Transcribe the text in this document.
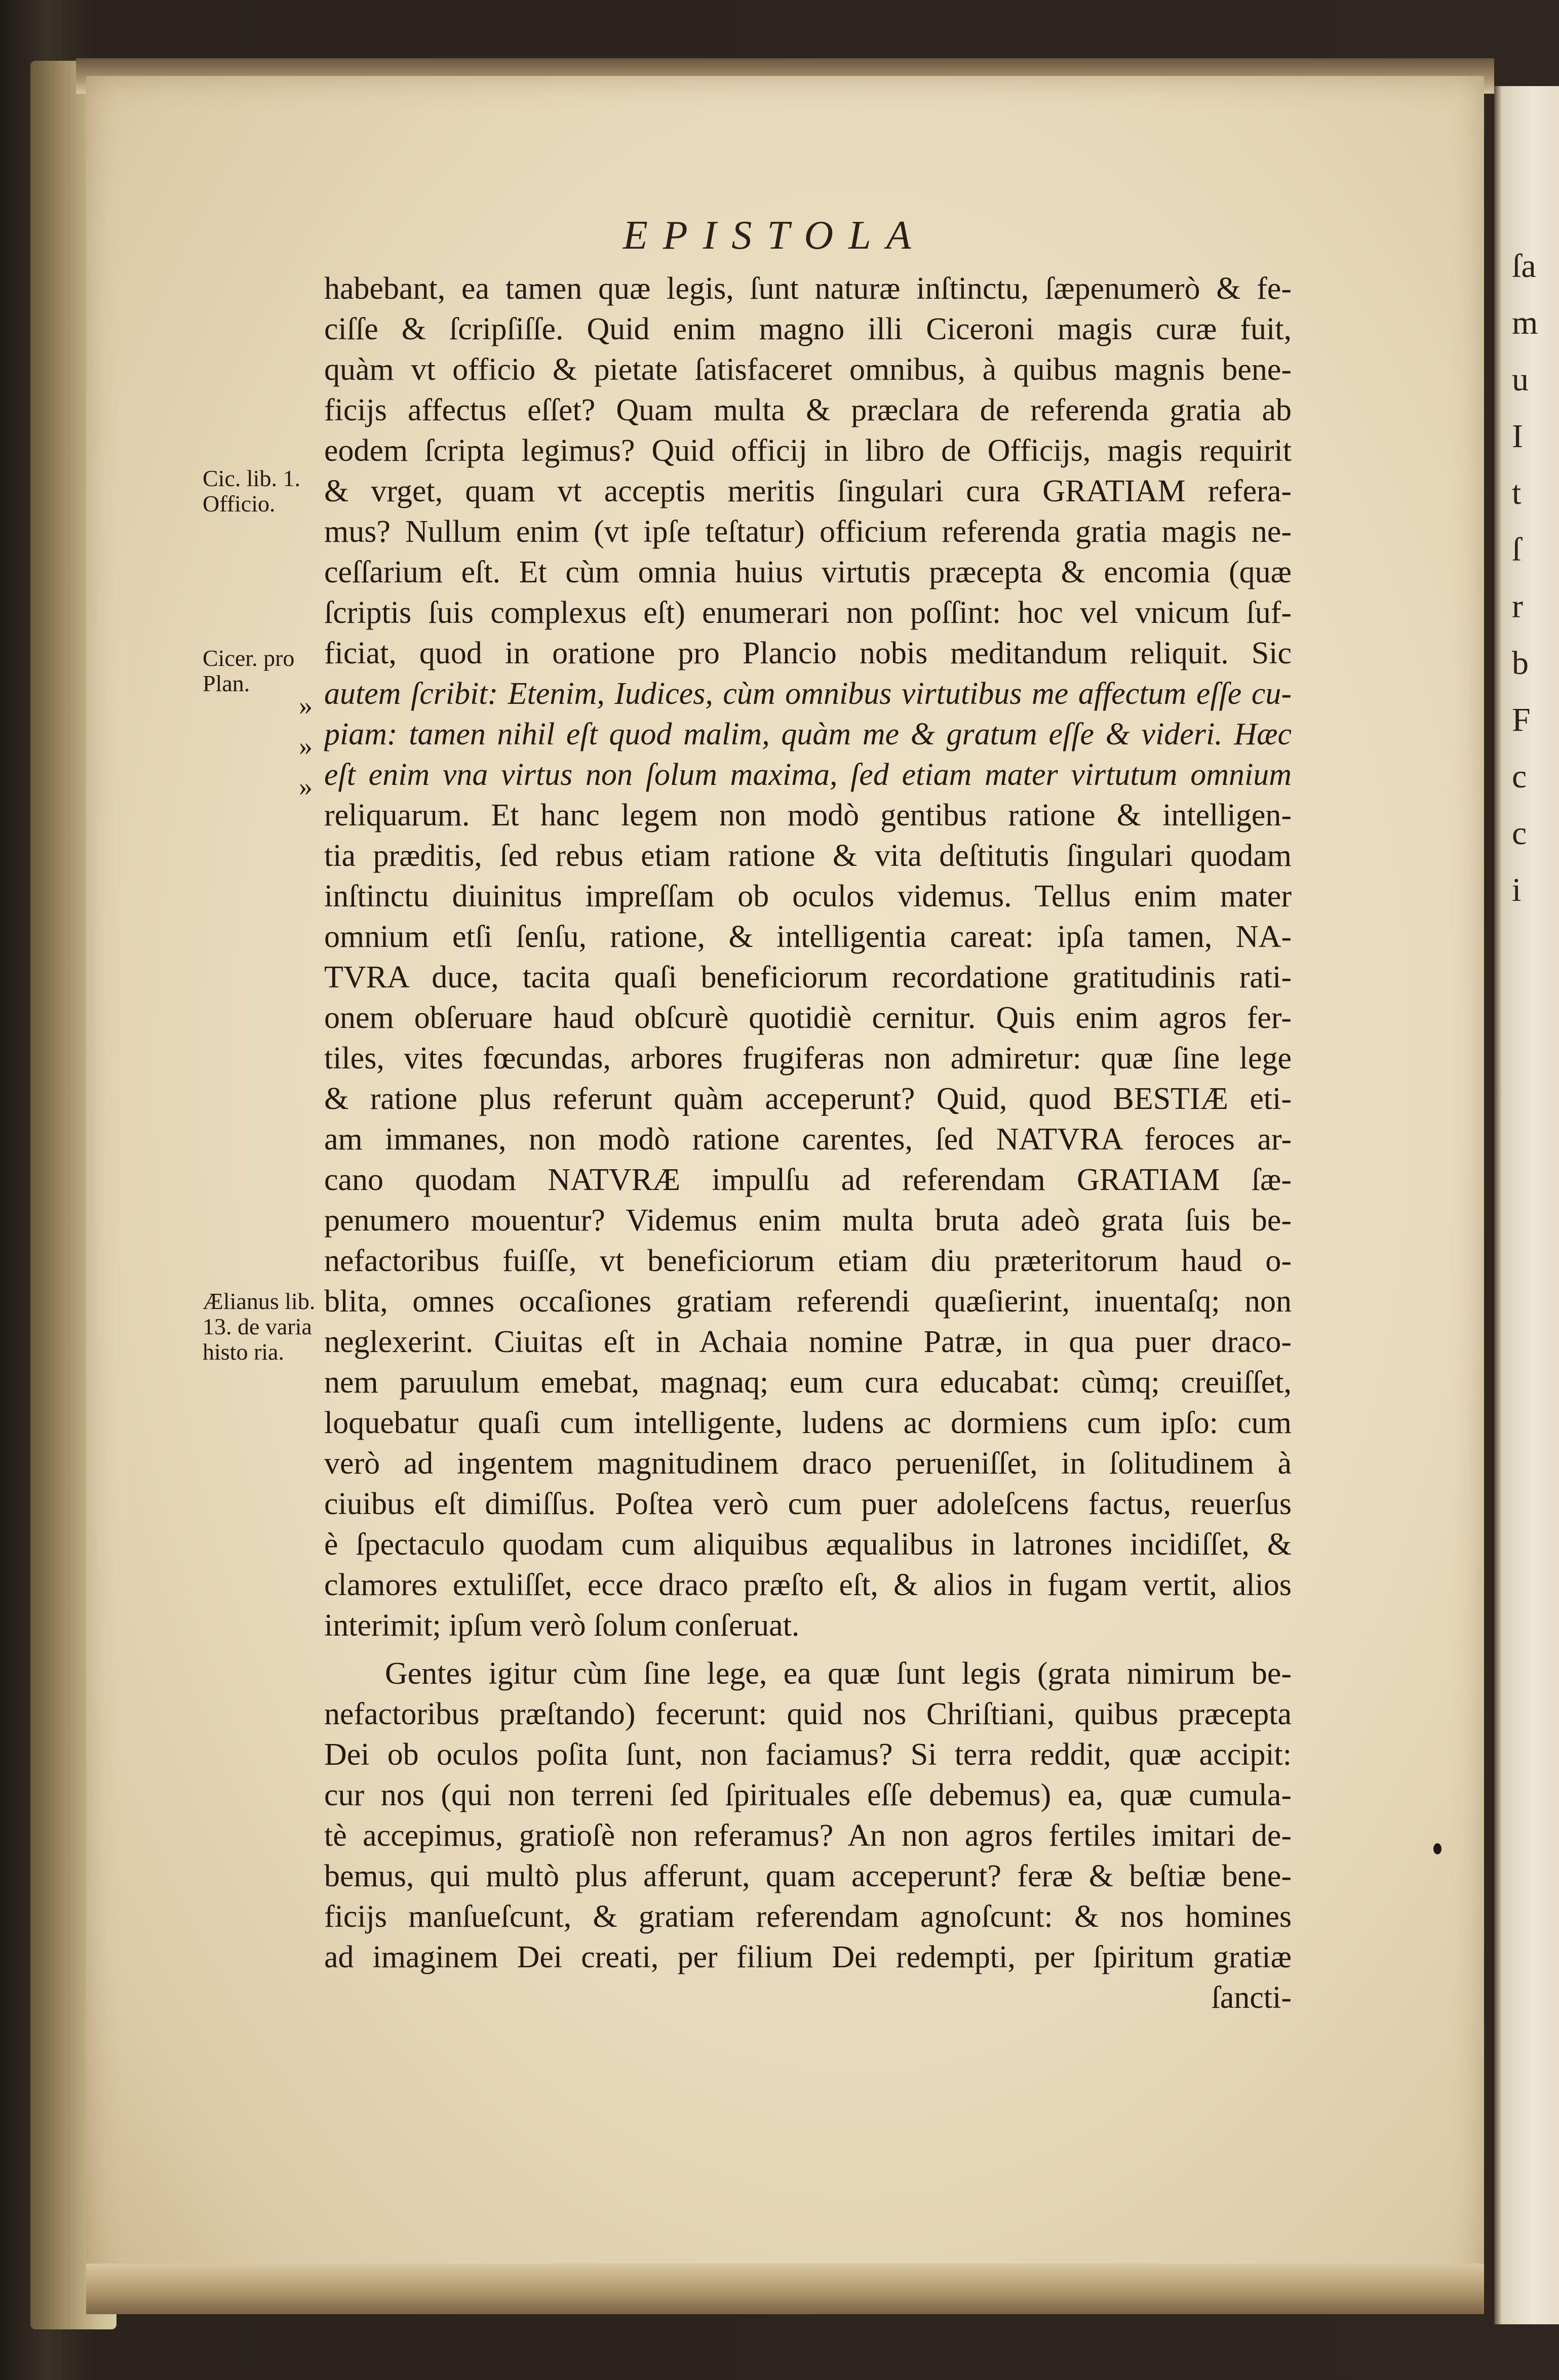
ſa
m
u
I
t
ſ
r
b
F
c
c
i
EPISTOLA
Cic. lib. 1. Officio.
Cicer. pro Plan.
Ælianus lib. 13. de varia histo ria.
»
»
»
habebant, ea tamen quæ legis, ſunt naturæ inſtinctu, ſæpenumerò & fe-
ciſſe & ſcripſiſſe. Quid enim magno illi Ciceroni magis curæ fuit,
quàm vt officio & pietate ſatisfaceret omnibus, à quibus magnis bene-
ficijs affectus eſſet? Quam multa & præclara de referenda gratia ab
eodem ſcripta legimus? Quid officij in libro de Officijs, magis requirit
& vrget, quam vt acceptis meritis ſingulari cura GRATIAM refera-
mus? Nullum enim (vt ipſe teſtatur) officium referenda gratia magis ne-
ceſſarium eſt. Et cùm omnia huius virtutis præcepta & encomia (quæ
ſcriptis ſuis complexus eſt) enumerari non poſſint: hoc vel vnicum ſuf-
ficiat, quod in oratione pro Plancio nobis meditandum reliquit. Sic
autem ſcribit: Etenim, Iudices, cùm omnibus virtutibus me affectum eſſe cu-
piam: tamen nihil eſt quod malim, quàm me & gratum eſſe & videri. Hæc
eſt enim vna virtus non ſolum maxima, ſed etiam mater virtutum omnium
reliquarum. Et hanc legem non modò gentibus ratione & intelligen-
tia præditis, ſed rebus etiam ratione & vita deſtitutis ſingulari quodam
inſtinctu diuinitus impreſſam ob oculos videmus. Tellus enim mater
omnium etſi ſenſu, ratione, & intelligentia careat: ipſa tamen, NA-
TVRA duce, tacita quaſi beneficiorum recordatione gratitudinis rati-
onem obſeruare haud obſcurè quotidiè cernitur. Quis enim agros fer-
tiles, vites fœcundas, arbores frugiferas non admiretur: quæ ſine lege
& ratione plus referunt quàm acceperunt? Quid, quod BESTIÆ eti-
am immanes, non modò ratione carentes, ſed NATVRA feroces ar-
cano quodam NATVRÆ impulſu ad referendam GRATIAM ſæ-
penumero mouentur? Videmus enim multa bruta adeò grata ſuis be-
nefactoribus fuiſſe, vt beneficiorum etiam diu præteritorum haud o-
blita, omnes occaſiones gratiam referendi quæſierint, inuentaſq; non
neglexerint. Ciuitas eſt in Achaia nomine Patræ, in qua puer draco-
nem paruulum emebat, magnaq; eum cura educabat: cùmq; creuiſſet,
loquebatur quaſi cum intelligente, ludens ac dormiens cum ipſo: cum
verò ad ingentem magnitudinem draco perueniſſet, in ſolitudinem à
ciuibus eſt dimiſſus. Poſtea verò cum puer adoleſcens factus, reuerſus
è ſpectaculo quodam cum aliquibus æqualibus in latrones incidiſſet, &
clamores extuliſſet, ecce draco præſto eſt, & alios in fugam vertit, alios
interimit; ipſum verò ſolum conſeruat.
Gentes igitur cùm ſine lege, ea quæ ſunt legis (grata nimirum be-
nefactoribus præſtando) fecerunt: quid nos Chriſtiani, quibus præcepta
Dei ob oculos poſita ſunt, non faciamus? Si terra reddit, quæ accipit:
cur nos (qui non terreni ſed ſpirituales eſſe debemus) ea, quæ cumula-
tè accepimus, gratioſè non referamus? An non agros fertiles imitari de-
bemus, qui multò plus afferunt, quam acceperunt? feræ & beſtiæ bene-
ficijs manſueſcunt, & gratiam referendam agnoſcunt: & nos homines
ad imaginem Dei creati, per filium Dei redempti, per ſpiritum gratiæ
ſancti-
